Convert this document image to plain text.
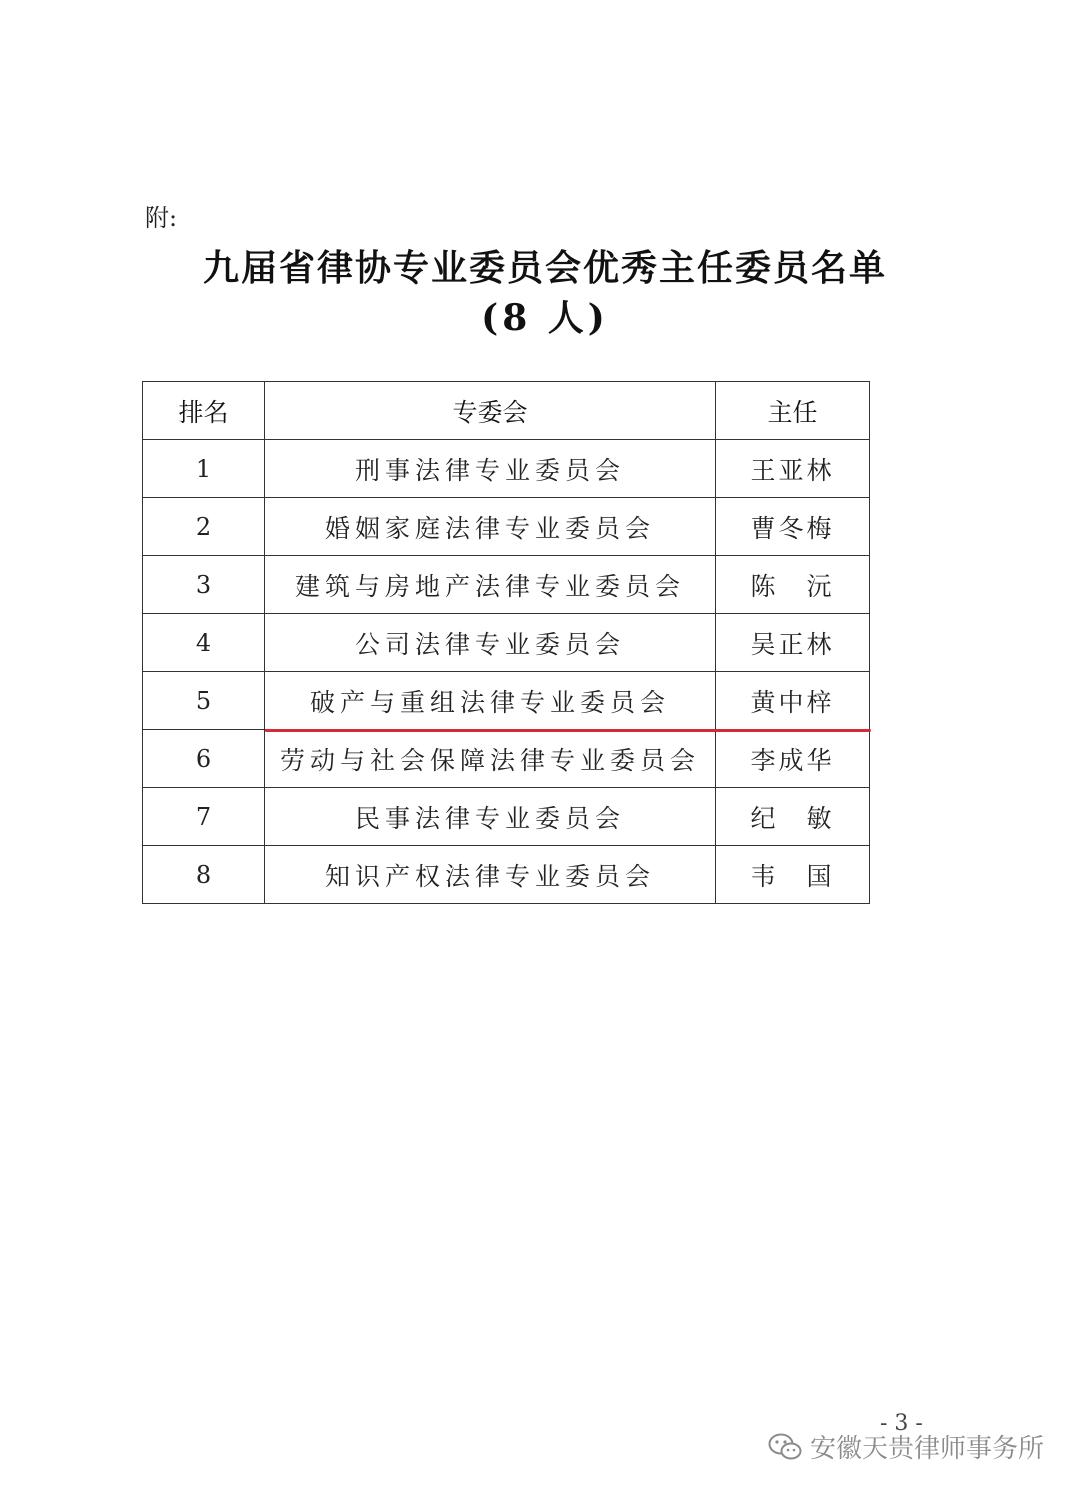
附:
九届省律协专业委员会优秀主任委员名单
(8 人)
排名	专委会	主任
1	刑事法律专业委员会	王亚林
2	婚姻家庭法律专业委员会	曹冬梅
3	建筑与房地产法律专业委员会	陈　沅
4	公司法律专业委员会	吴正林
5	破产与重组法律专业委员会	黄中梓
6	劳动与社会保障法律专业委员会	李成华
7	民事法律专业委员会	纪　敏
8	知识产权法律专业委员会	韦　国
- 3 -
安徽天贵律师事务所
